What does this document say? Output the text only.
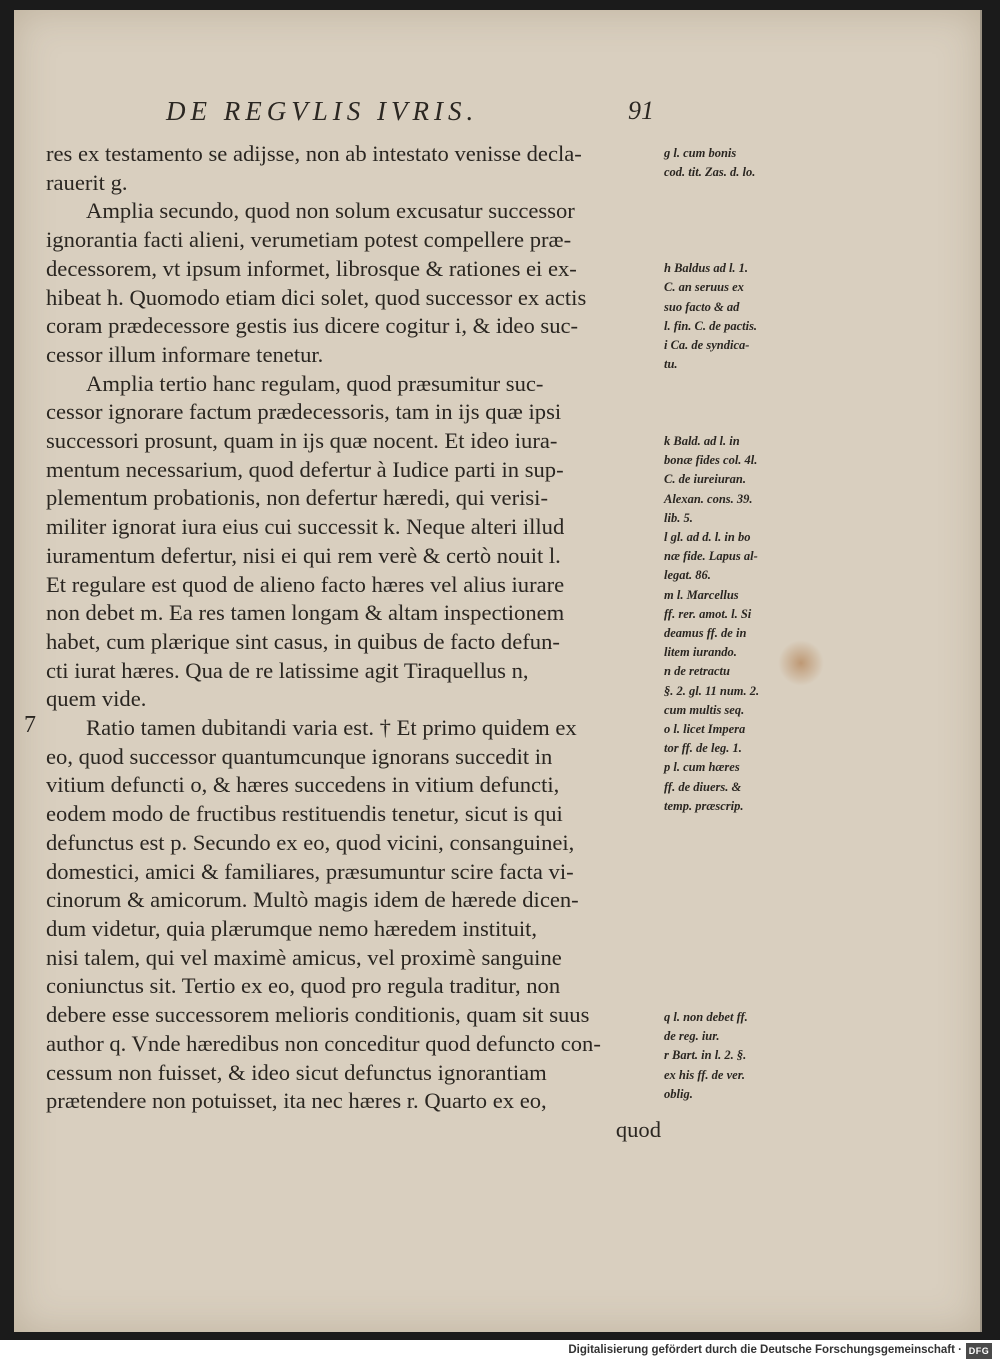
DE REGVLIS IVRIS.	91
7
res ex testamento se adijsse, non ab intestato venisse decla-
rauerit g.
Amplia secundo, quod non solum excusatur successor
ignorantia facti alieni, verumetiam potest compellere præ-
decessorem, vt ipsum informet, librosque & rationes ei ex-
hibeat h. Quomodo etiam dici solet, quod successor ex actis
coram prædecessore gestis ius dicere cogitur i, & ideo suc-
cessor illum informare tenetur.
Amplia tertio hanc regulam, quod præsumitur suc-
cessor ignorare factum prædecessoris, tam in ijs quæ ipsi
successori prosunt, quam in ijs quæ nocent. Et ideo iura-
mentum necessarium, quod defertur à Iudice parti in sup-
plementum probationis, non defertur hæredi, qui verisi-
militer ignorat iura eius cui successit k. Neque alteri illud
iuramentum defertur, nisi ei qui rem verè & certò nouit l.
Et regulare est quod de alieno facto hæres vel alius iurare
non debet m. Ea res tamen longam & altam inspectionem
habet, cum plærique sint casus, in quibus de facto defun-
cti iurat hæres. Qua de re latissime agit Tiraquellus n,
quem vide.
Ratio tamen dubitandi varia est. † Et primo quidem ex
eo, quod successor quantumcunque ignorans succedit in
vitium defuncti o, & hæres succedens in vitium defuncti,
eodem modo de fructibus restituendis tenetur, sicut is qui
defunctus est p. Secundo ex eo, quod vicini, consanguinei,
domestici, amici & familiares, præsumuntur scire facta vi-
cinorum & amicorum. Multò magis idem de hærede dicen-
dum videtur, quia plærumque nemo hæredem instituit,
nisi talem, qui vel maximè amicus, vel proximè sanguine
coniunctus sit. Tertio ex eo, quod pro regula traditur, non
debere esse successorem melioris conditionis, quam sit suus
author q. Vnde hæredibus non conceditur quod defuncto con-
cessum non fuisset, & ideo sicut defunctus ignorantiam
prætendere non potuisset, ita nec hæres r. Quarto ex eo,
quod
g l. cum bonis
cod. tit. Zas. d. lo.
h Baldus ad l. 1.
C. an seruus ex
suo facto & ad
l. fin. C. de pactis.
i Ca. de syndica-
tu.
k Bald. ad l. in
bonæ fides col. 4l.
C. de iureiuran.
Alexan. cons. 39.
lib. 5.
l gl. ad d. l. in bo
næ fide. Lapus al-
legat. 86.
m l. Marcellus
ff. rer. amot. l. Si
deamus ff. de in
litem iurando.
n de retractu
§. 2. gl. 11 num. 2.
cum multis seq.
o l. licet Impera
tor ff. de leg. 1.
p l. cum hæres
ff. de diuers. &
temp. præscrip.
q l. non debet ff.
de reg. iur.
r Bart. in l. 2. §.
ex his ff. de ver.
oblig.
Digitalisierung gefördert durch die Deutsche Forschungsgemeinschaft · DFG
